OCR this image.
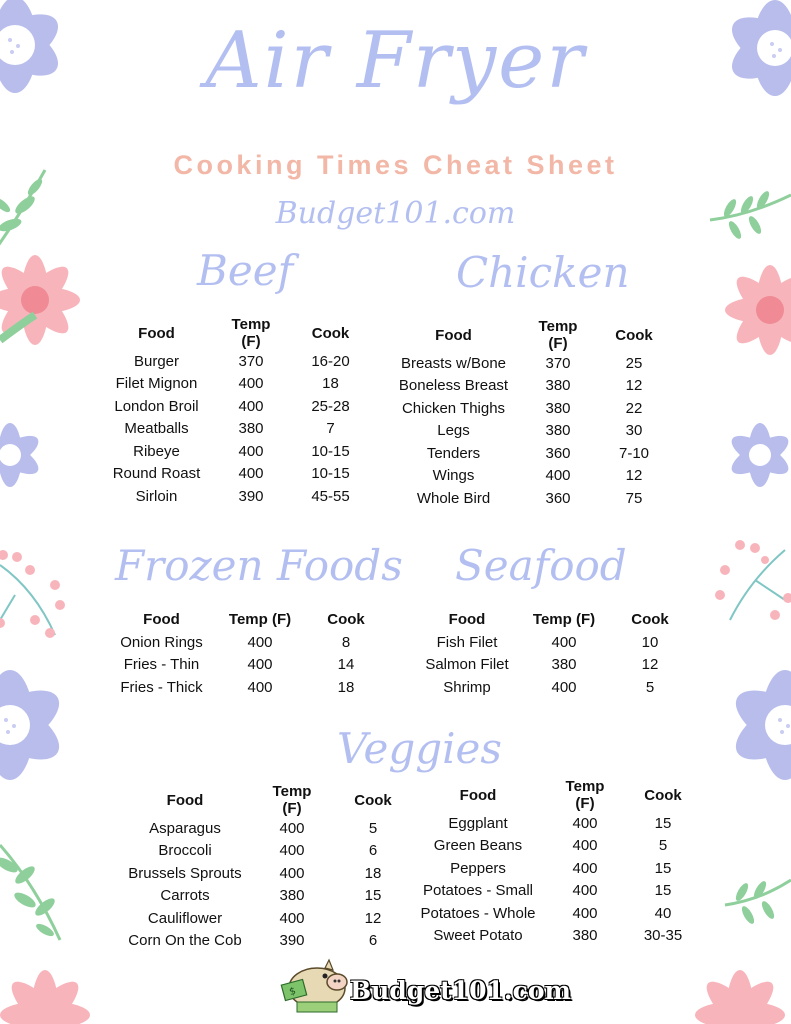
Air Fryer
Cooking Times Cheat Sheet
Budget101.com
Beef
Food	Temp (F)	Cook
Burger	370	16-20
Filet Mignon	400	18
London Broil	400	25-28
Meatballs	380	7
Ribeye	400	10-15
Round Roast	400	10-15
Sirloin	390	45-55
Chicken
Food	Temp (F)	Cook
Breasts w/Bone	370	25
Boneless Breast	380	12
Chicken Thighs	380	22
Legs	380	30
Tenders	360	7-10
Wings	400	12
Whole Bird	360	75
Frozen Foods
Food	Temp (F)	Cook
Onion Rings	400	8
Fries - Thin	400	14
Fries - Thick	400	18
Seafood
Food	Temp (F)	Cook
Fish Filet	400	10
Salmon Filet	380	12
Shrimp	400	5
Veggies
Food	Temp (F)	Cook
Asparagus	400	5
Broccoli	400	6
Brussels Sprouts	400	18
Carrots	380	15
Cauliflower	400	12
Corn On the Cob	390	6
Food	Temp (F)	Cook
Eggplant	400	15
Green Beans	400	5
Peppers	400	15
Potatoes - Small	400	15
Potatoes - Whole	400	40
Sweet Potato	380	30-35
$ Budget101.com
